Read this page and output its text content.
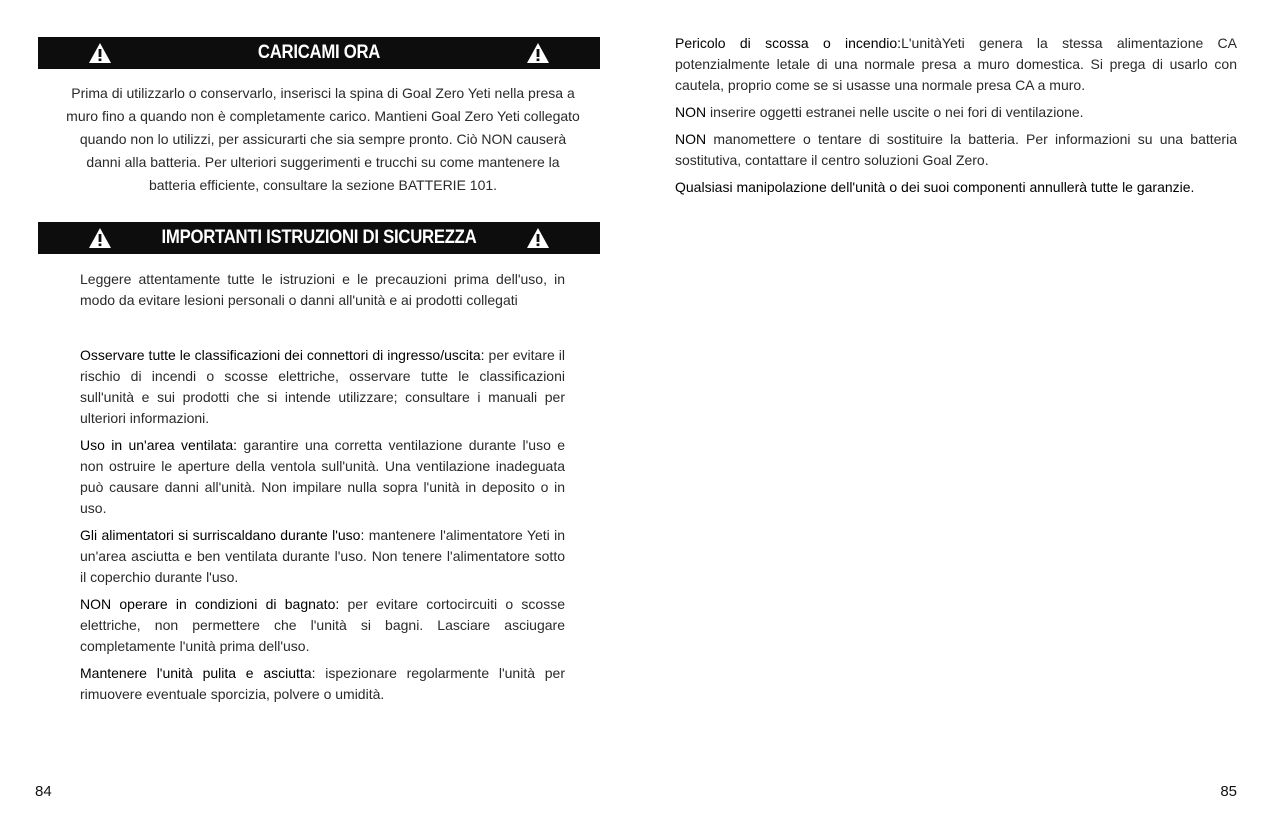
CARICAMI ORA
Prima di utilizzarlo o conservarlo, inserisci la spina di Goal Zero Yeti nella presa a muro fino a quando non è completamente carico. Mantieni Goal Zero Yeti collegato quando non lo utilizzi, per assicurarti che sia sempre pronto. Ciò NON causerà danni alla batteria. Per ulteriori suggerimenti e trucchi su come mantenere la batteria efficiente, consultare la sezione BATTERIE 101.
IMPORTANTI ISTRUZIONI DI SICUREZZA

Leggere attentamente tutte le istruzioni e le precauzioni prima dell'uso, in modo da evitare lesioni personali o danni all'unità e ai prodotti collegati

Osservare tutte le classificazioni dei connettori di ingresso/uscita: per evitare il rischio di incendi o scosse elettriche, osservare tutte le classificazioni sull'unità e sui prodotti che si intende utilizzare; consultare i manuali per ulteriori informazioni.

Uso in un'area ventilata: garantire una corretta ventilazione durante l'uso e non ostruire le aperture della ventola sull'unità. Una ventilazione inadeguata può causare danni all'unità. Non impilare nulla sopra l'unità in deposito o in uso.

Gli alimentatori si surriscaldano durante l'uso: mantenere l'alimentatore Yeti in un'area asciutta e ben ventilata durante l'uso. Non tenere l'alimentatore sotto il coperchio durante l'uso.

NON operare in condizioni di bagnato: per evitare cortocircuiti o scosse elettriche, non permettere che l'unità si bagni. Lasciare asciugare completamente l'unità prima dell'uso.

Mantenere l'unità pulita e asciutta: ispezionare regolarmente l'unità per rimuovere eventuale sporcizia, polvere o umidità.

84

Pericolo di scossa o incendio:L'unitàYeti genera la stessa alimentazione CA potenzialmente letale di una normale presa a muro domestica. Si prega di usarlo con cautela, proprio come se si usasse una normale presa CA a muro.

NON inserire oggetti estranei nelle uscite o nei fori di ventilazione.

NON manomettere o tentare di sostituire la batteria. Per informazioni su una batteria sostitutiva, contattare il centro soluzioni Goal Zero.

Qualsiasi manipolazione dell'unità o dei suoi componenti annullerà tutte le garanzie.

85
